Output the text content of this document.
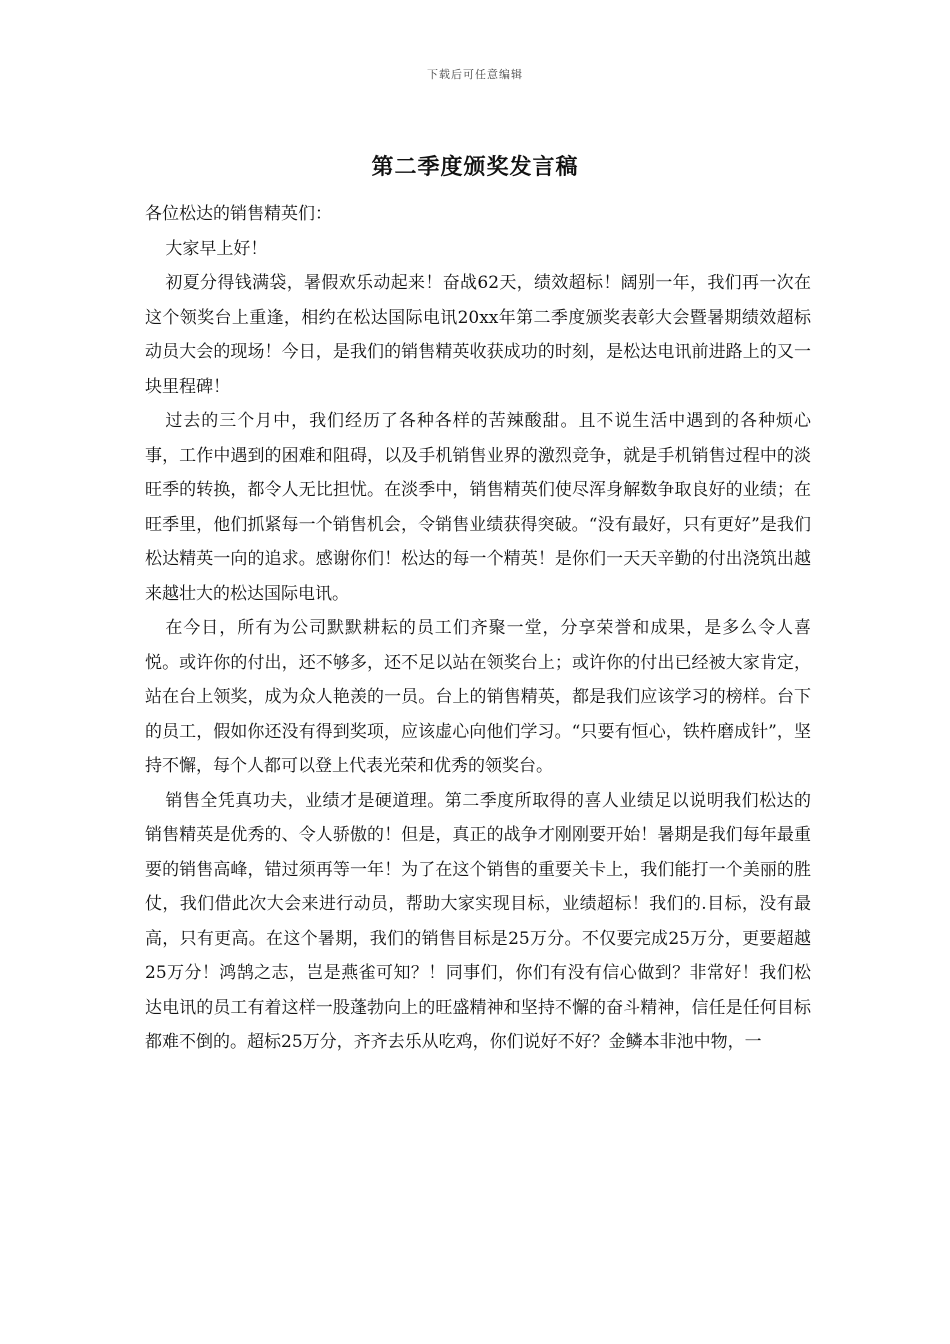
下载后可任意编辑
第二季度颁奖发言稿

各位松达的销售精英们：

大家早上好！

初夏分得钱满袋，暑假欢乐动起来！奋战62天，绩效超标！阔别一年，我们再一次在这个领奖台上重逢，相约在松达国际电讯20xx年第二季度颁奖表彰大会暨暑期绩效超标动员大会的现场！今日，是我们的销售精英收获成功的时刻，是松达电讯前进路上的又一块里程碑！

过去的三个月中，我们经历了各种各样的苦辣酸甜。且不说生活中遇到的各种烦心事，工作中遇到的困难和阻碍，以及手机销售业界的激烈竞争，就是手机销售过程中的淡旺季的转换，都令人无比担忧。在淡季中，销售精英们使尽浑身解数争取良好的业绩；在旺季里，他们抓紧每一个销售机会，令销售业绩获得突破。“没有最好，只有更好”是我们松达精英一向的追求。感谢你们！松达的每一个精英！是你们一天天辛勤的付出浇筑出越来越壮大的松达国际电讯。

在今日，所有为公司默默耕耘的员工们齐聚一堂，分享荣誉和成果，是多么令人喜悦。或许你的付出，还不够多，还不足以站在领奖台上；或许你的付出已经被大家肯定，站在台上领奖，成为众人艳羡的一员。台上的销售精英，都是我们应该学习的榜样。台下的员工，假如你还没有得到奖项，应该虚心向他们学习。“只要有恒心，铁杵磨成针”，坚持不懈，每个人都可以登上代表光荣和优秀的领奖台。

销售全凭真功夫，业绩才是硬道理。第二季度所取得的喜人业绩足以说明我们松达的销售精英是优秀的、令人骄傲的！但是，真正的战争才刚刚要开始！暑期是我们每年最重要的销售高峰，错过须再等一年！为了在这个销售的重要关卡上，我们能打一个美丽的胜仗，我们借此次大会来进行动员，帮助大家实现目标，业绩超标！我们的.目标，没有最高，只有更高。在这个暑期，我们的销售目标是25万分。不仅要完成25万分，更要超越25万分！鸿鹄之志，岂是燕雀可知？！同事们，你们有没有信心做到？非常好！我们松达电讯的员工有着这样一股蓬勃向上的旺盛精神和坚持不懈的奋斗精神，信任是任何目标都难不倒的。超标25万分，齐齐去乐从吃鸡，你们说好不好？金鳞本非池中物，一
